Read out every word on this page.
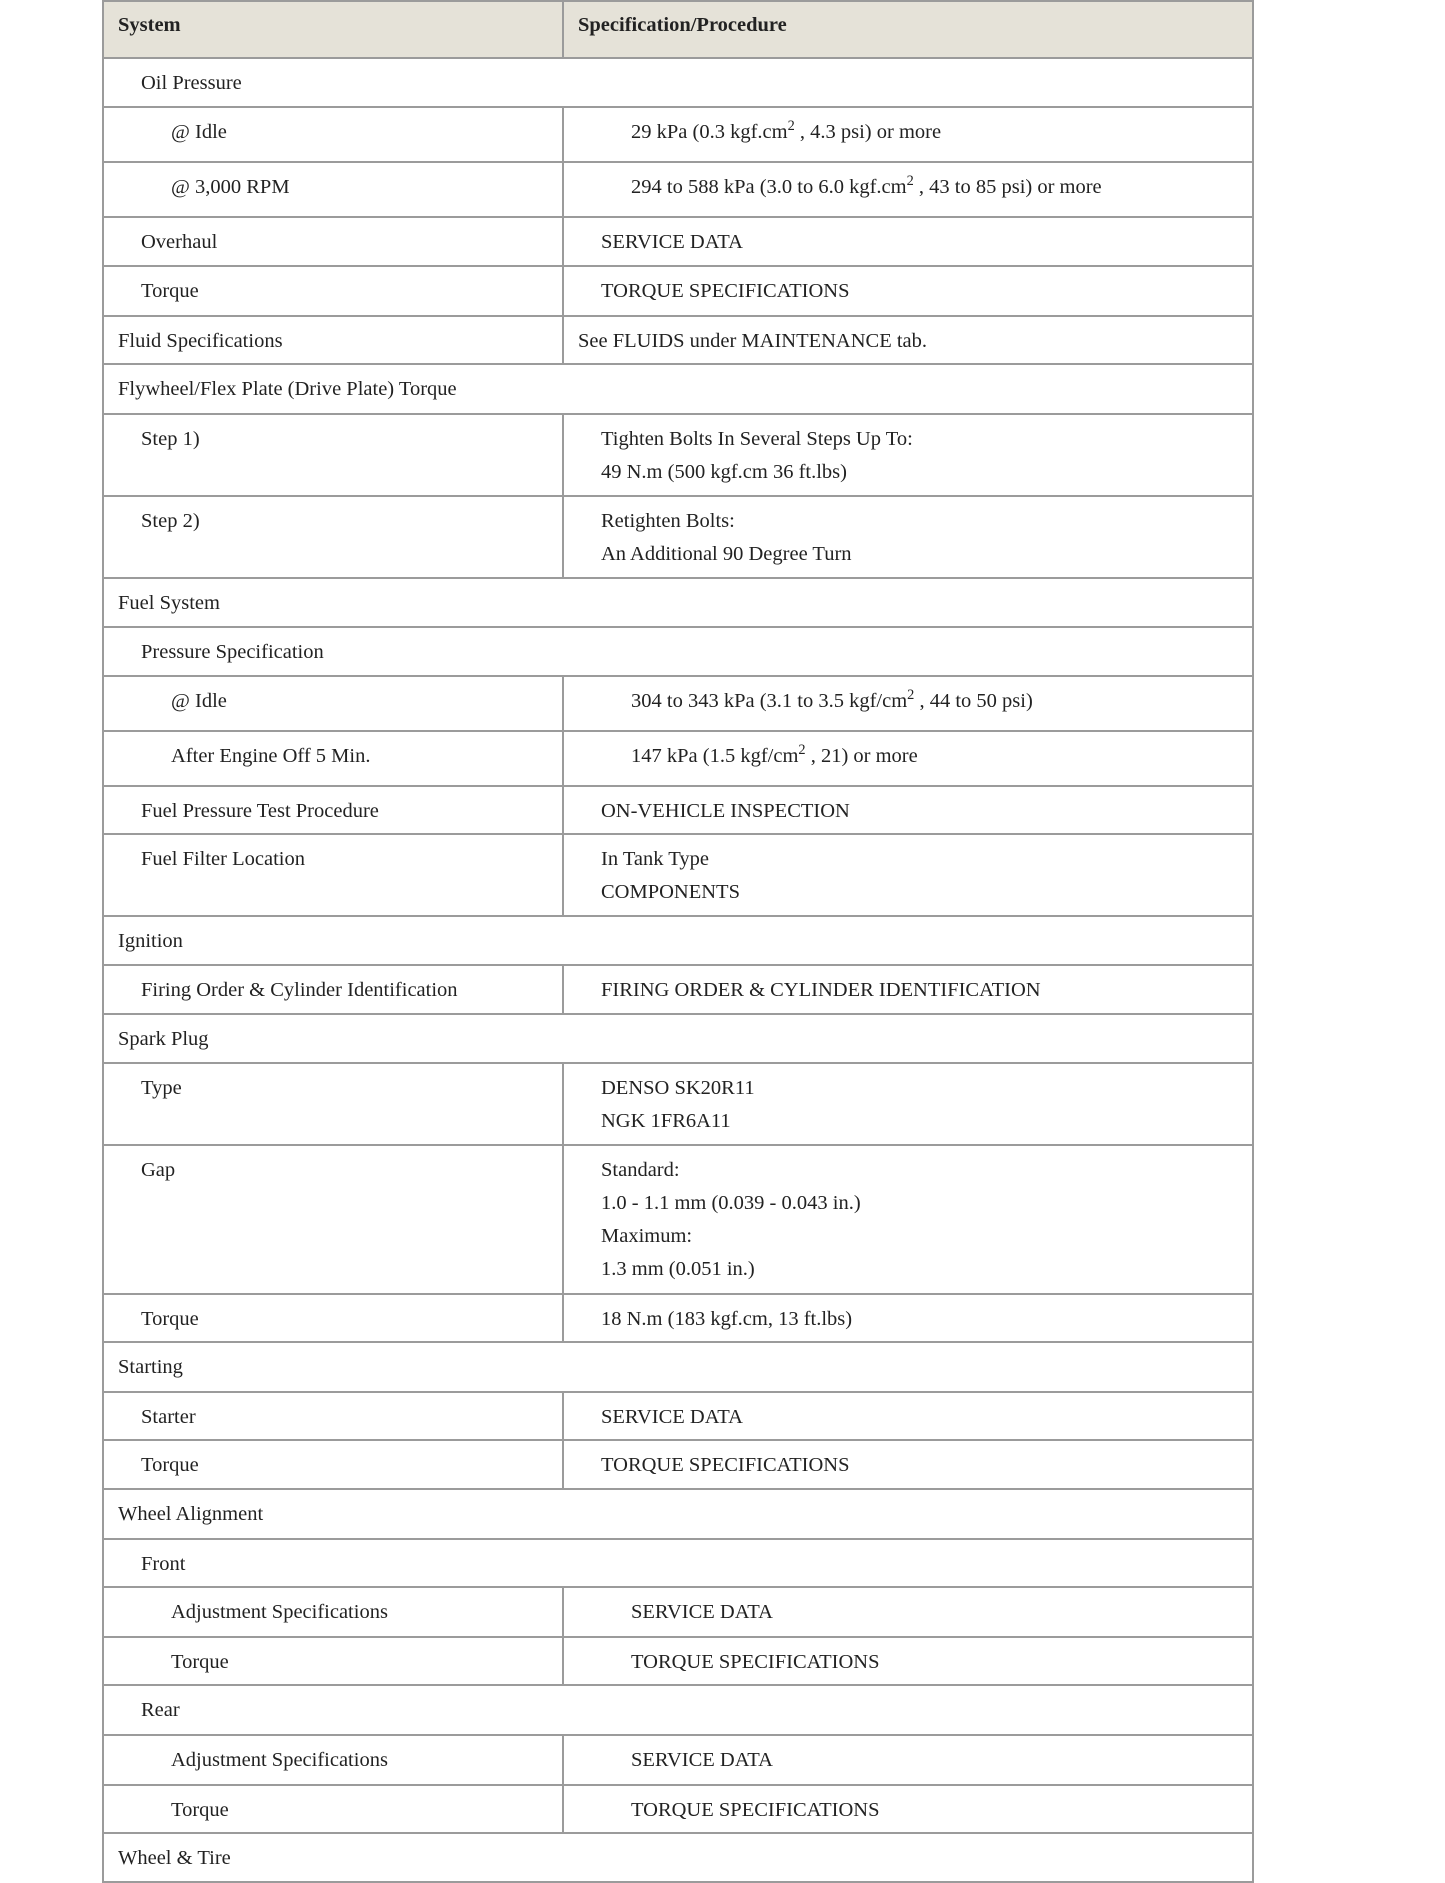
System	Specification/Procedure
Oil Pressure	
@ Idle	29 kPa (0.3 $kgf.cm^2$ , 4.3 psi) or more

@ 3,000 RPM	294 to 588 kPa (3.0 to 6.0 $kgf.cm^2$ , 43 to 85 psi) or more

Overhaul	SERVICE DATA

Torque	TORQUE SPECIFICATIONS

Fluid Specifications	See FLUIDS under MAINTENANCE tab.

Flywheel/Flex Plate (Drive Plate) Torque	
Step 1)	Tighten Bolts In Several Steps Up To:
49 N.m (500 kgf.cm 36 ft.lbs)

Step 2)	Retighten Bolts:
An Additional 90 Degree Turn

Fuel System	
Pressure Specification	
@ Idle	304 to 343 kPa (3.1 to 3.5 kgf/$cm^2$ , 44 to 50 psi)

After Engine Off 5 Min.	147 kPa (1.5 kgf/$cm^2$ , 21) or more

Fuel Pressure Test Procedure	ON-VEHICLE INSPECTION

Fuel Filter Location	In Tank Type
COMPONENTS

Ignition	
Firing Order & Cylinder Identification	FIRING ORDER & CYLINDER IDENTIFICATION

Spark Plug	
Type	DENSO SK20R11
NGK 1FR6A11

Gap	Standard:
1.0 - 1.1 mm (0.039 - 0.043 in.)
Maximum:
1.3 mm (0.051 in.)

Torque	18 N.m (183 kgf.cm, 13 ft.lbs)

Starting	
Starter	SERVICE DATA

Torque	TORQUE SPECIFICATIONS

Wheel Alignment	
Front	
Adjustment Specifications	SERVICE DATA

Torque	TORQUE SPECIFICATIONS

Rear	
Adjustment Specifications	SERVICE DATA

Torque	TORQUE SPECIFICATIONS

Wheel & Tire	
